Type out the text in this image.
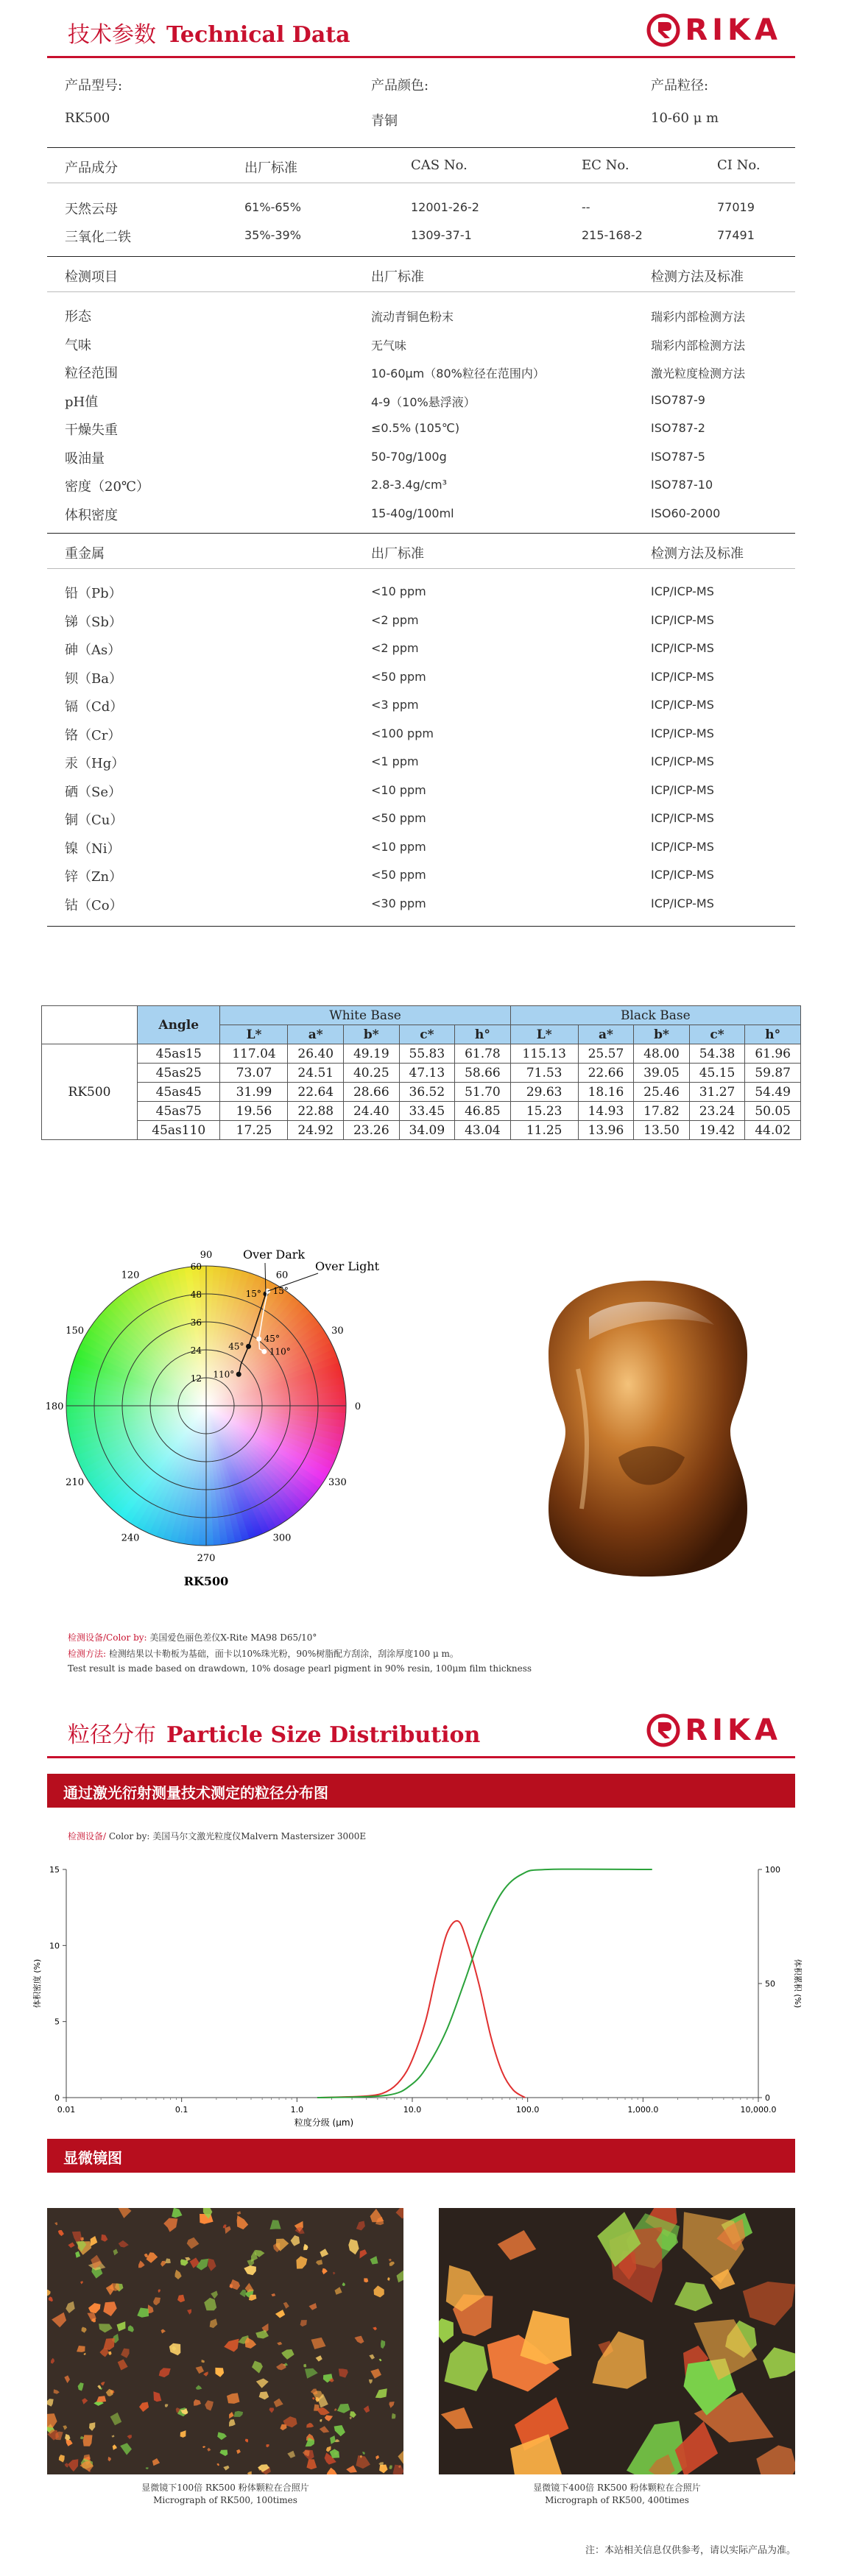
技术参数 Technical Data	RIKA
产品型号:	产品颜色:	产品粒径:
RK500	青铜	10-60 μ m
产品成分	出厂标准	CAS No.	EC No.	CI No.
天然云母	61%-65%	12001-26-2	--	77019
三氧化二铁	35%-39%	1309-37-1	215-168-2	77491
检测项目	出厂标准	检测方法及标准
形态	流动青铜色粉末	瑞彩内部检测方法
气味	无气味	瑞彩内部检测方法
粒径范围	10-60μm（80%粒径在范围内）	激光粒度检测方法
pH值	4-9（10%悬浮液）	ISO787-9
干燥失重	≤0.5% (105℃)	ISO787-2
吸油量	50-70g/100g	ISO787-5
密度（20℃）	2.8-3.4g/cm³	ISO787-10
体积密度	15-40g/100ml	ISO60-2000
重金属	出厂标准	检测方法及标准
铅（Pb）	<10 ppm	ICP/ICP-MS
锑（Sb）	<2 ppm	ICP/ICP-MS
砷（As）	<2 ppm	ICP/ICP-MS
钡（Ba）	<50 ppm	ICP/ICP-MS
镉（Cd）	<3 ppm	ICP/ICP-MS
铬（Cr）	<100 ppm	ICP/ICP-MS
汞（Hg）	<1 ppm	ICP/ICP-MS
硒（Se）	<10 ppm	ICP/ICP-MS
铜（Cu）	<50 ppm	ICP/ICP-MS
镍（Ni）	<10 ppm	ICP/ICP-MS
锌（Zn）	<50 ppm	ICP/ICP-MS
钴（Co）	<30 ppm	ICP/ICP-MS
	Angle	White Base					Black Base				
		L*	a*	b*	c*	h°	L*	a*	b*	c*	h°
RK500	45as15	117.04	26.40	49.19	55.83	61.78	115.13	25.57	48.00	54.38	61.96
	45as25	73.07	24.51	40.25	47.13	58.66	71.53	22.66	39.05	45.15	59.87
	45as45	31.99	22.64	28.66	36.52	51.70	29.63	18.16	25.46	31.27	54.49
	45as75	19.56	22.88	24.40	33.45	46.85	15.23	14.93	17.82	23.24	50.05
	45as110	17.25	24.92	23.26	34.09	43.04	11.25	13.96	13.50	19.42	44.02
0
30
60
90
120
150
180
210
240
270
300
330
12
24
36
48
60
15°
45°
110°
15°
45°
110°
Over Dark
Over Light
RK500
检测设备/Color by: 美国爱色丽色差仪X-Rite MA98 D65/10°
检测方法: 检测结果以卡勒板为基础，面卡以10%珠光粉，90%树脂配方刮涂，刮涂厚度100 μ m。
Test result is made based on drawdown, 10% dosage pearl pigment in 90% resin, 100μm film thickness
粒径分布 Particle Size Distribution	RIKA
通过激光衍射测量技术测定的粒径分布图
检测设备/ Color by: 美国马尔文激光粒度仪Malvern Mastersizer 3000E
0.01	0.1	1.0	10.0	100.0	1,000.0	10,000.0
0
5
10
15
0
50
100
粒度分级 (μm)
体积密度 (%)	体积累积 (%)
显微镜图
显微镜下100倍 RK500 粉体颗粒在合照片
Micrograph of RK500, 100times
显微镜下400倍 RK500 粉体颗粒在合照片
Micrograph of RK500, 400times
注：本站相关信息仅供参考，请以实际产品为准。
